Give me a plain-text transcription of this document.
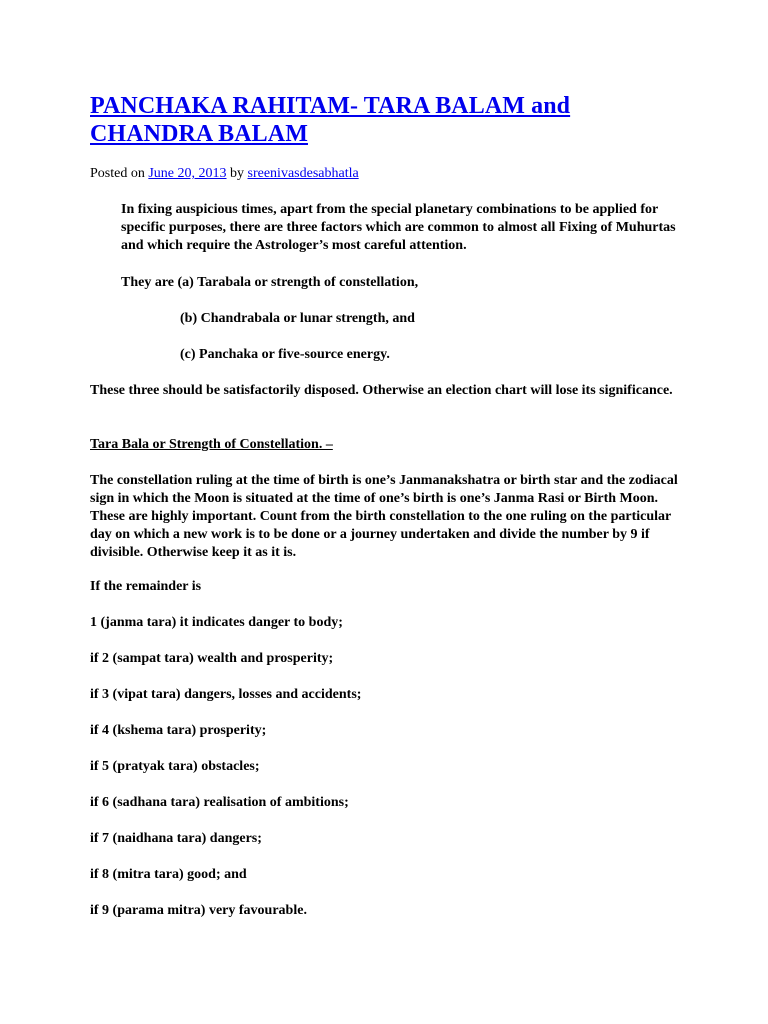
PANCHAKA RAHITAM- TARA BALAM and CHANDRA BALAM
Posted on June 20, 2013 by sreenivasdesabhatla
In fixing auspicious times, apart from the special planetary combinations to be applied for specific purposes, there are three factors which are common to almost all Fixing of Muhurtas and which require the Astrologer’s most careful attention.
They are (a) Tarabala or strength of constellation,
(b) Chandrabala or lunar strength, and
(c) Panchaka or five-source energy.
These three should be satisfactorily disposed. Otherwise an election chart will lose its significance.
Tara Bala or Strength of Constellation. –
The constellation ruling at the time of birth is one’s Janmanakshatra or birth star and the zodiacal sign in which the Moon is situated at the time of one’s birth is one’s Janma Rasi or Birth Moon. These are highly important. Count from the birth constellation to the one ruling on the particular day on which a new work is to be done or a journey undertaken and divide the number by 9 if divisible. Otherwise keep it as it is.
If the remainder is
1 (janma tara) it indicates danger to body;
if 2 (sampat tara) wealth and prosperity;
if 3 (vipat tara) dangers, losses and accidents;
if 4 (kshema tara) prosperity;
if 5 (pratyak tara) obstacles;
if 6 (sadhana tara) realisation of ambitions;
if 7 (naidhana tara) dangers;
if 8 (mitra tara) good; and
if 9 (parama mitra) very favourable.
